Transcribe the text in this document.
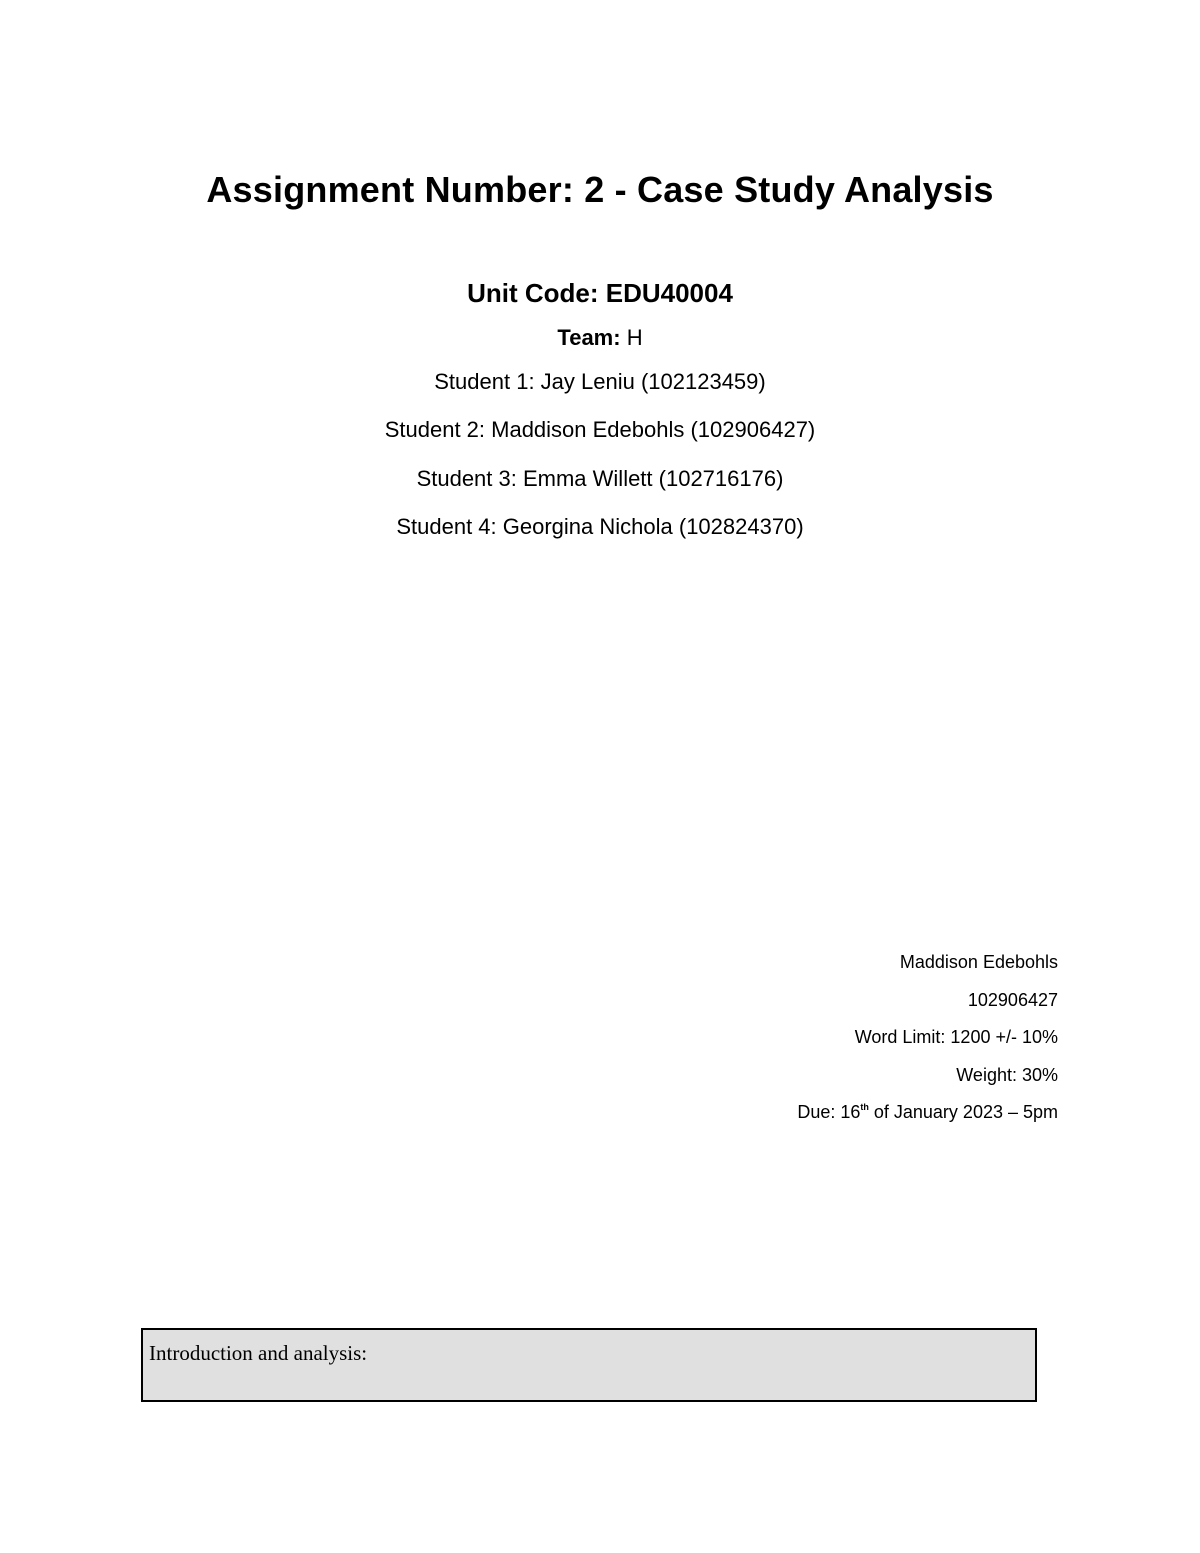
Assignment Number: 2 - Case Study Analysis
Unit Code: EDU40004
Team: H
Student 1: Jay Leniu (102123459)
Student 2: Maddison Edebohls (102906427)
Student 3: Emma Willett (102716176)
Student 4: Georgina Nichola (102824370)
Maddison Edebohls
102906427
Word Limit: 1200 +/- 10%
Weight: 30%
Due: 16th of January 2023 – 5pm
Introduction and analysis:
